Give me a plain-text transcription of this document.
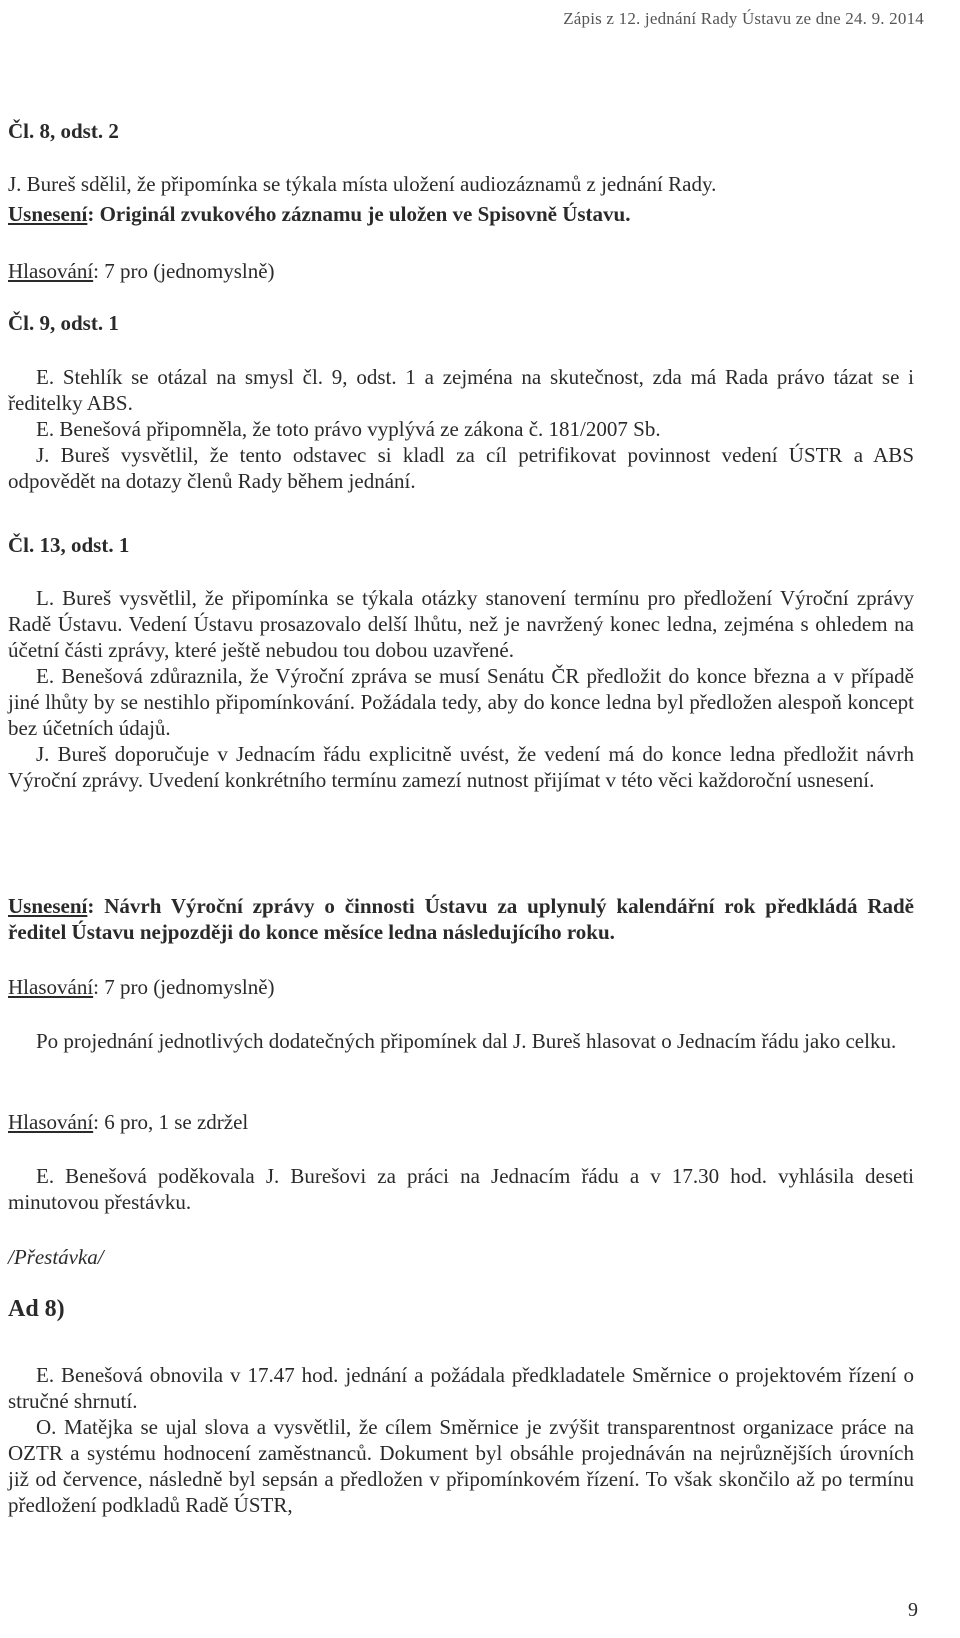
Zápis z 12. jednání Rady Ústavu ze dne 24. 9. 2014
Čl. 8, odst. 2

J. Bureš sdělil, že připomínka se týkala místa uložení audiozáznamů z jednání Rady.

Usnesení: Originál zvukového záznamu je uložen ve Spisovně Ústavu.

Hlasování: 7 pro (jednomyslně)

Čl. 9, odst. 1

E. Stehlík se otázal na smysl čl. 9, odst. 1 a zejména na skutečnost, zda má Rada právo tázat se i ředitelky ABS.

E. Benešová připomněla, že toto právo vyplývá ze zákona č. 181/2007 Sb.

J. Bureš vysvětlil, že tento odstavec si kladl za cíl petrifikovat povinnost vedení ÚSTR a ABS odpovědět na dotazy členů Rady během jednání.

Čl. 13, odst. 1

L. Bureš vysvětlil, že připomínka se týkala otázky stanovení termínu pro předložení Výroční zprávy Radě Ústavu. Vedení Ústavu prosazovalo delší lhůtu, než je navržený konec ledna, zejména s ohledem na účetní části zprávy, které ještě nebudou tou dobou uzavřené.

E. Benešová zdůraznila, že Výroční zpráva se musí Senátu ČR předložit do konce března a v případě jiné lhůty by se nestihlo připomínkování. Požádala tedy, aby do konce ledna byl předložen alespoň koncept bez účetních údajů.

J. Bureš doporučuje v Jednacím řádu explicitně uvést, že vedení má do konce ledna předložit návrh Výroční zprávy. Uvedení konkrétního termínu zamezí nutnost přijímat v této věci každoroční usnesení.

Usnesení: Návrh Výroční zprávy o činnosti Ústavu za uplynulý kalendářní rok předkládá Radě ředitel Ústavu nejpozději do konce měsíce ledna následujícího roku.

Hlasování: 7 pro (jednomyslně)

Po projednání jednotlivých dodatečných připomínek dal J. Bureš hlasovat o Jednacím řádu jako celku.

Hlasování: 6 pro, 1 se zdržel

E. Benešová poděkovala J. Burešovi za práci na Jednacím řádu a v 17.30 hod. vyhlásila deseti minutovou přestávku.

/Přestávka/
Ad 8)

E. Benešová obnovila v 17.47 hod. jednání a požádala předkladatele Směrnice o projektovém řízení o stručné shrnutí.

O. Matějka se ujal slova a vysvětlil, že cílem Směrnice je zvýšit transparentnost organizace práce na OZTR a systému hodnocení zaměstnanců. Dokument byl obsáhle projednáván na nejrůznějších úrovních již od července, následně byl sepsán a předložen v připomínkovém řízení. To však skončilo až po termínu předložení podkladů Radě ÚSTR,

9
